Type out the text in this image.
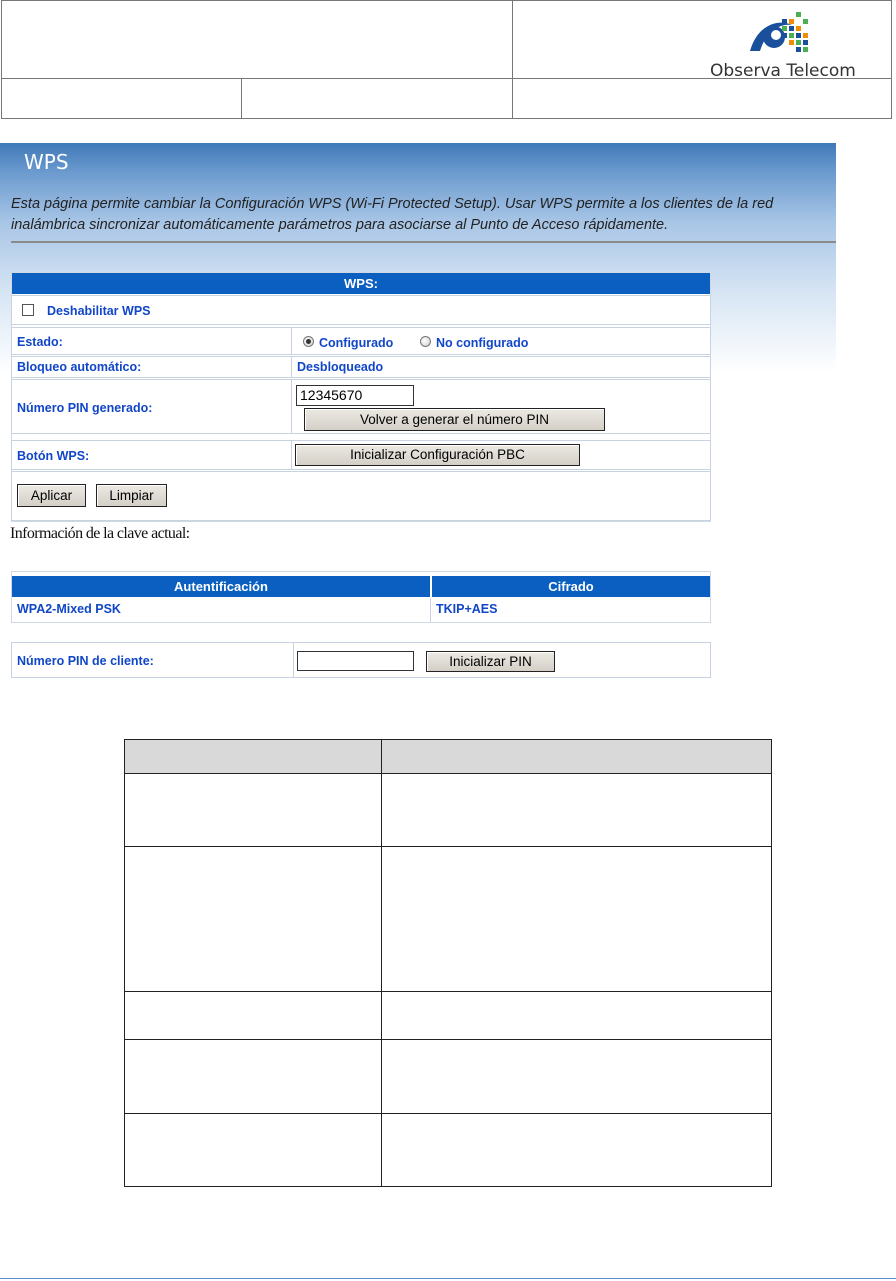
Observa Telecom
WPS
Esta página permite cambiar la Configuración WPS (Wi-Fi Protected Setup). Usar WPS permite a los clientes de la red inalámbrica sincronizar automáticamente parámetros para asociarse al Punto de Acceso rápidamente.
WPS:
Deshabilitar WPS
Estado:	Configurado	No configurado
Bloqueo automático:	Desbloqueado
Número PIN generado:
12345670
Volver a generar el número PIN
Botón WPS:	Inicializar Configuración PBC
Aplicar	Limpiar
Autentificación	Cifrado
WPA2-Mixed PSK	TKIP+AES
Número PIN de cliente:	Inicializar PIN
Información de la clave actual:
